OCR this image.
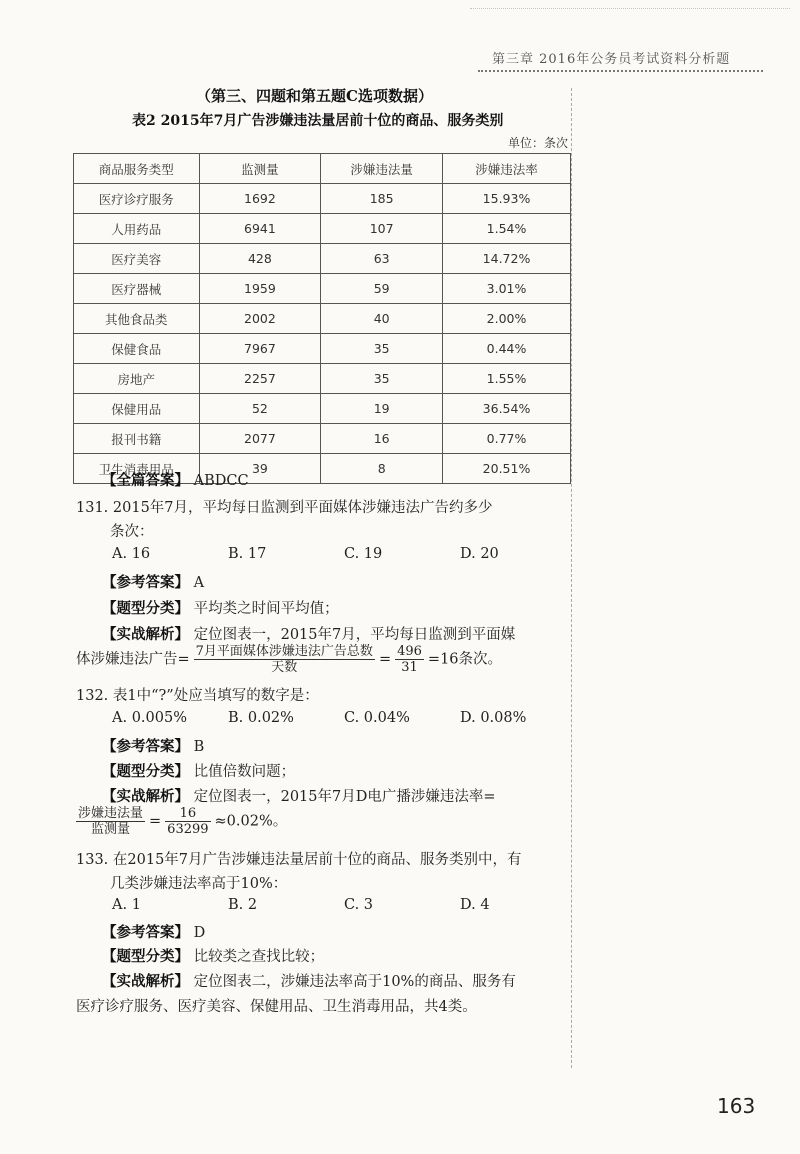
第三章 2016年公务员考试资料分析题
（第三、四题和第五题C选项数据）
表2 2015年7月广告涉嫌违法量居前十位的商品、服务类别
单位：条次
商品服务类型	监测量	涉嫌违法量	涉嫌违法率
医疗诊疗服务	1692	185	15.93%
人用药品	6941	107	1.54%
医疗美容	428	63	14.72%
医疗器械	1959	59	3.01%
其他食品类	2002	40	2.00%
保健食品	7967	35	0.44%
房地产	2257	35	1.55%
保健用品	52	19	36.54%
报刊书籍	2077	16	0.77%
卫生消毒用品	39	8	20.51%
【全篇答案】 ABDCC
131. 2015年7月，平均每日监测到平面媒体涉嫌违法广告约多少
条次：
A. 16	B. 17	C. 19	D. 20
【参考答案】 A
【题型分类】 平均类之时间平均值；
【实战解析】 定位图表一，2015年7月，平均每日监测到平面媒
体涉嫌违法广告= $\frac{\text{7月平面媒体涉嫌违法广告总数}}{\text{天数}} = \frac{496}{31} =16$条次。
132. 表1中“?”处应当填写的数字是：
A. 0.005%	B. 0.02%	C. 0.04%	D. 0.08%
【参考答案】 B
【题型分类】 比值倍数问题；
【实战解析】 定位图表一，2015年7月D电广播涉嫌违法率=
$\frac{\text{涉嫌违法量}}{\text{监测量}} = \frac{16}{63299} \approx 0.02\%$。
133. 在2015年7月广告涉嫌违法量居前十位的商品、服务类别中，有
几类涉嫌违法率高于10%：
A. 1	B. 2	C. 3	D. 4
【参考答案】 D
【题型分类】 比较类之查找比较；
【实战解析】 定位图表二，涉嫌违法率高于10%的商品、服务有
医疗诊疗服务、医疗美容、保健用品、卫生消毒用品，共4类。
163
